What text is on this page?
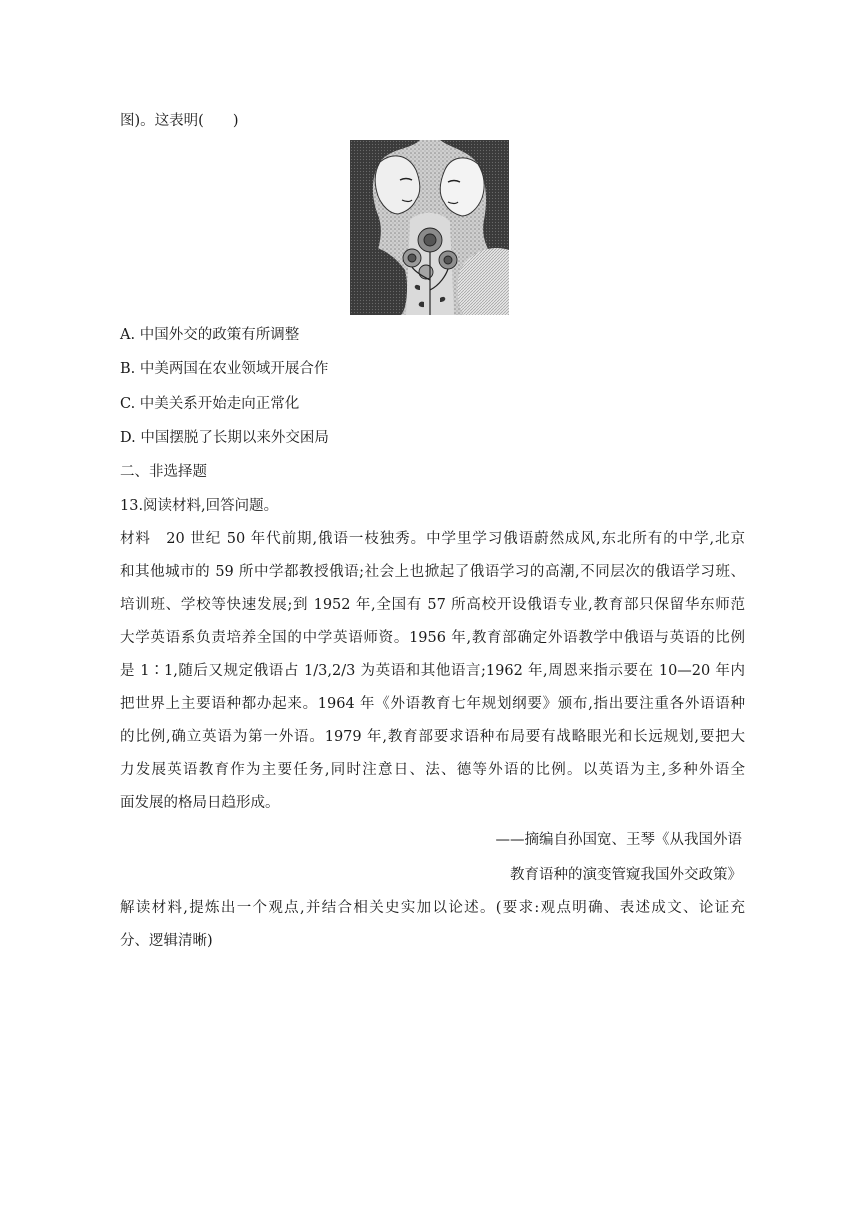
图)。这表明(　　)
A. 中国外交的政策有所调整
B. 中美两国在农业领域开展合作
C. 中美关系开始走向正常化
D. 中国摆脱了长期以来外交困局
二、非选择题
13.阅读材料,回答问题。
材料　20 世纪 50 年代前期,俄语一枝独秀。中学里学习俄语蔚然成风,东北所有的中学,北京
和其他城市的 59 所中学都教授俄语;社会上也掀起了俄语学习的高潮,不同层次的俄语学习班、
培训班、学校等快速发展;到 1952 年,全国有 57 所高校开设俄语专业,教育部只保留华东师范
大学英语系负责培养全国的中学英语师资。1956 年,教育部确定外语教学中俄语与英语的比例
是 1∶1,随后又规定俄语占 1/3,2/3 为英语和其他语言;1962 年,周恩来指示要在 10—20 年内
把世界上主要语种都办起来。1964 年《外语教育七年规划纲要》颁布,指出要注重各外语语种
的比例,确立英语为第一外语。1979 年,教育部要求语种布局要有战略眼光和长远规划,要把大
力发展英语教育作为主要任务,同时注意日、法、德等外语的比例。以英语为主,多种外语全
面发展的格局日趋形成。
——摘编自孙国宽、王琴《从我国外语
教育语种的演变管窥我国外交政策》
解读材料,提炼出一个观点,并结合相关史实加以论述。(要求:观点明确、表述成文、论证充
分、逻辑清晰)
